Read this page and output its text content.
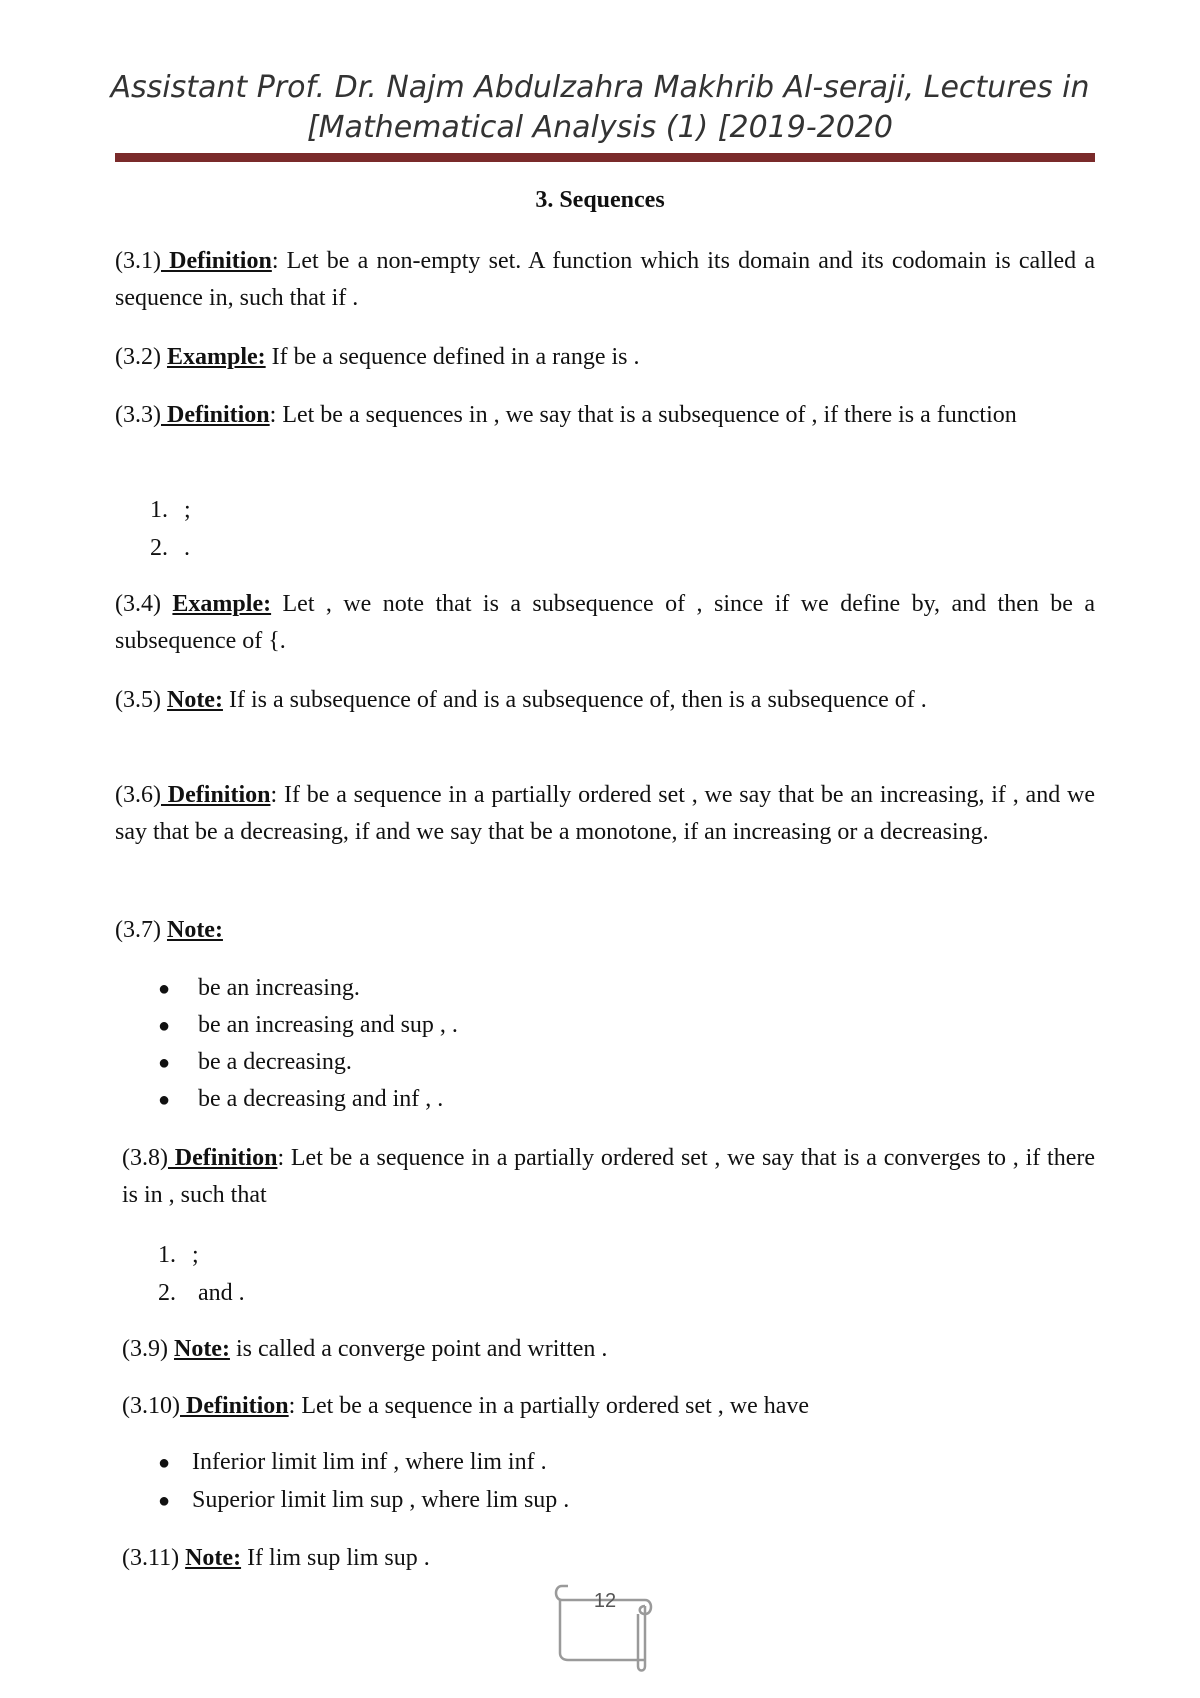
Assistant Prof. Dr. Najm Abdulzahra Makhrib Al-seraji, Lectures in
[Mathematical Analysis (1) [2019-2020
3. Sequences
(3.1) Definition: Let be a non-empty set. A function which its domain and its codomain is called a sequence in, such that if .
(3.2) Example: If be a sequence defined in a range is .
(3.3) Definition: Let be a sequences in , we say that is a subsequence of , if there is a function
1. ;
2. .
(3.4) Example: Let , we note that is a subsequence of , since if we define by, and then be a subsequence of {.
(3.5) Note: If is a subsequence of and is a subsequence of, then is a subsequence of .
(3.6) Definition: If be a sequence in a partially ordered set , we say that be an increasing, if , and we say that be a decreasing, if and we say that be a monotone, if an increasing or a decreasing.
(3.7) Note:
● be an increasing.
● be an increasing and sup , .
● be a decreasing.
● be a decreasing and inf , .
(3.8) Definition: Let be a sequence in a partially ordered set , we say that is a converges to , if there is in , such that
1. ;
2. and .
(3.9) Note: is called a converge point and written .
(3.10) Definition: Let be a sequence in a partially ordered set , we have
● Inferior limit lim inf , where lim inf .
● Superior limit lim sup , where lim sup .
(3.11) Note: If lim sup lim sup .
12
